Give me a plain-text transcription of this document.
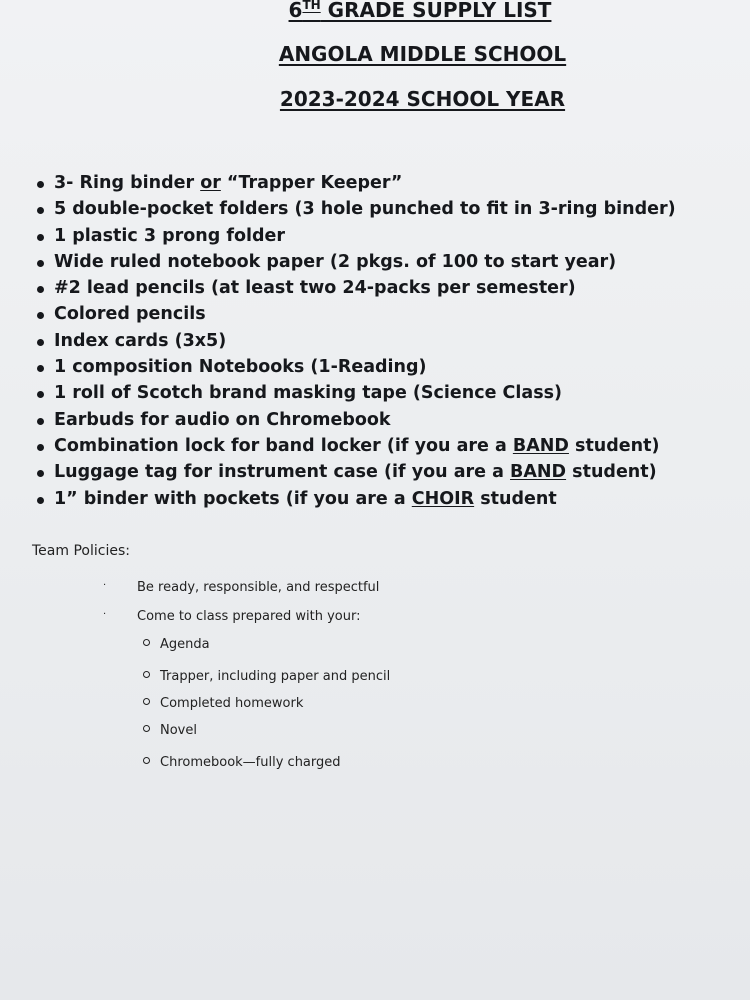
6TH GRADE SUPPLY LIST
ANGOLA MIDDLE SCHOOL
2023-2024 SCHOOL YEAR
3- Ring binder or “Trapper Keeper”
5 double-pocket folders (3 hole punched to fit in 3-ring binder)
1 plastic 3 prong folder
Wide ruled notebook paper (2 pkgs. of 100 to start year)
#2 lead pencils (at least two 24-packs per semester)
Colored pencils
Index cards (3x5)
1 composition Notebooks (1-Reading)
1 roll of Scotch brand masking tape (Science Class)
Earbuds for audio on Chromebook
Combination lock for band locker (if you are a BAND student)
Luggage tag for instrument case (if you are a BAND student)
1” binder with pockets (if you are a CHOIR student
Team Policies:
· Be ready, responsible, and respectful
· Come to class prepared with your:
Agenda
Trapper, including paper and pencil
Completed homework
Novel
Chromebook—fully charged
